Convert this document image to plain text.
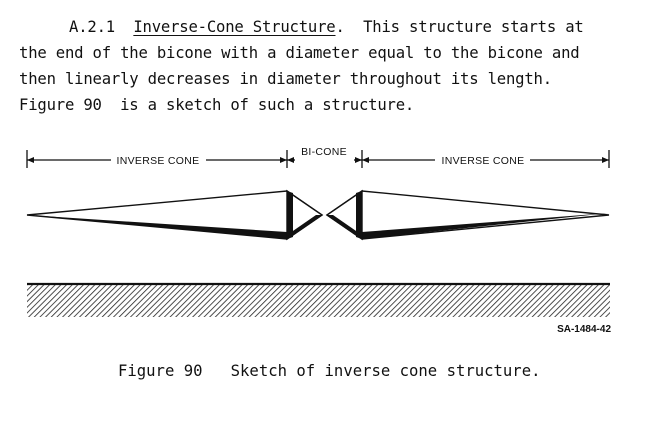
A.2.1 Inverse-Cone Structure.  This structure starts at
the end of the bicone with a diameter equal to the bicone and
then linearly decreases in diameter throughout its length.
Figure 90  is a sketch of such a structure.
INVERSE CONE
BI-CONE
INVERSE CONE
SA-1484-42
Figure 90   Sketch of inverse cone structure.
